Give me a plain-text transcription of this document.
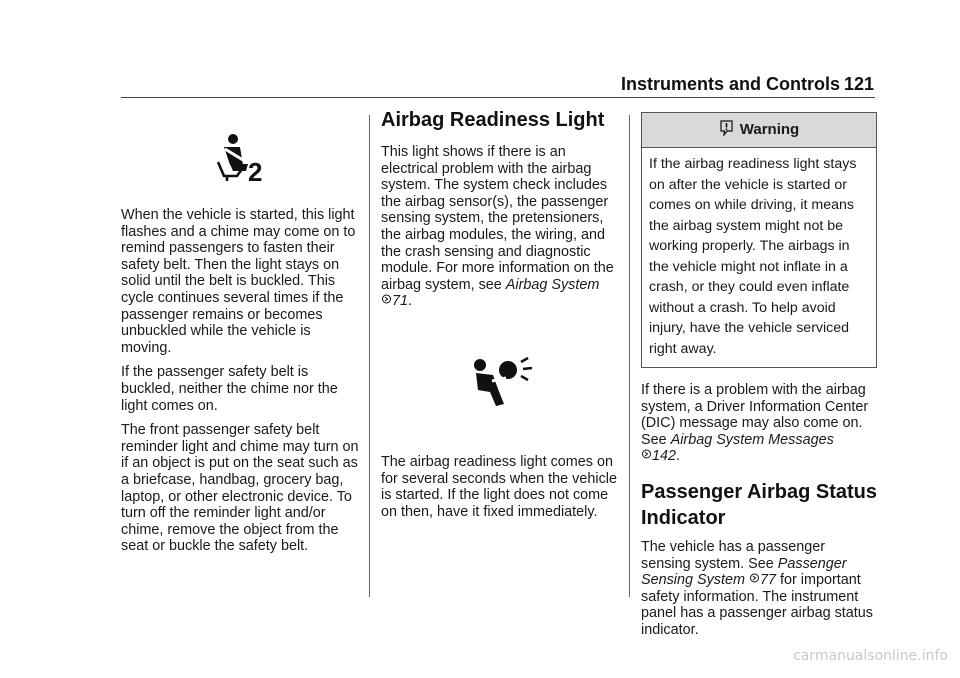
Instruments and Controls 121
2

When the vehicle is started, this light flashes and a chime may come on to remind passengers to fasten their safety belt. Then the light stays on solid until the belt is buckled. This cycle continues several times if the passenger remains or becomes unbuckled while the vehicle is moving.

If the passenger safety belt is buckled, neither the chime nor the light comes on.

The front passenger safety belt reminder light and chime may turn on if an object is put on the seat such as a briefcase, handbag, grocery bag, laptop, or other electronic device. To turn off the reminder light and/or chime, remove the object from the seat or buckle the safety belt.

Airbag Readiness Light

This light shows if there is an electrical problem with the airbag system. The system check includes the airbag sensor(s), the passenger sensing system, the pretensioners, the airbag modules, the wiring, and the crash sensing and diagnostic module. For more information on the airbag system, see Airbag System
71.

The airbag readiness light comes on for several seconds when the vehicle is started. If the light does not come on then, have it fixed immediately.

Warning
If the airbag readiness light stays on after the vehicle is started or comes on while driving, it means the airbag system might not be working properly. The airbags in the vehicle might not inflate in a crash, or they could even inflate without a crash. To help avoid injury, have the vehicle serviced right away.

If there is a problem with the airbag system, a Driver Information Center (DIC) message may also come on. See Airbag System Messages
142.

Passenger Airbag Status Indicator

The vehicle has a passenger sensing system. See Passenger Sensing System 77 for important safety information. The instrument panel has a passenger airbag status indicator.

carmanualsonline.info
